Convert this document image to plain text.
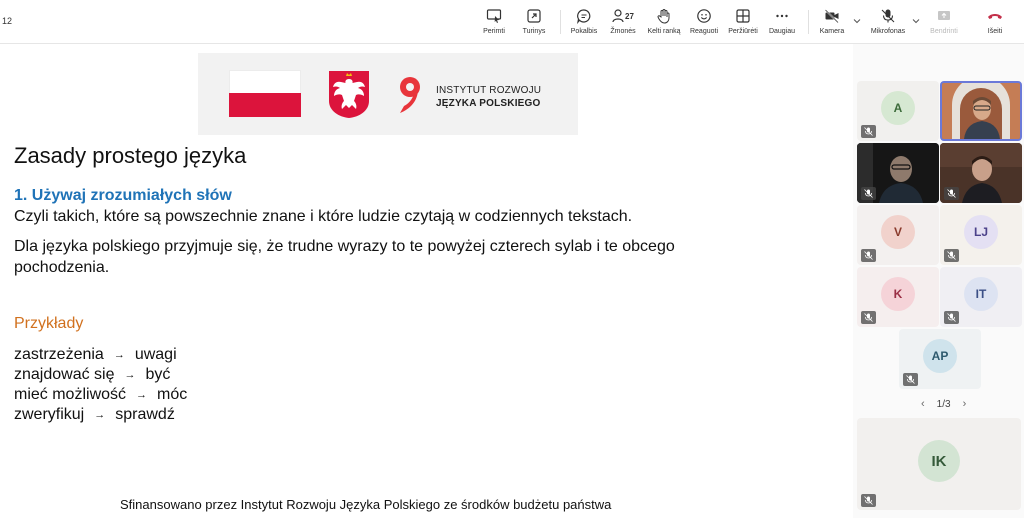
12
Perimti	Turinys	Pokalbis
27
Žmonės Kelti ranką Reaguoti Peržiūrėti Daugiau	Kamera	Mikrofonas	Bendrinti	Išeiti
INSTYTUT ROZWOJU
JĘZYKA POLSKIEGO
Zasady prostego języka
1. Używaj zrozumiałych słów
Czyli takich, które są powszechnie znane i które ludzie czytają w codziennych tekstach.
Dla języka polskiego przyjmuje się, że trudne wyrazy to te powyżej czterech sylab i te obcego pochodzenia.
Przykłady
zastrzeżenia → uwagi
znajdować się → być
mieć możliwość → móc
zweryfikuj → sprawdź
Sfinansowano przez Instytut Rozwoju Języka Polskiego ze środków budżetu państwa
A
V	LJ
K	IT
AP
‹ 1/3 ›
IK
